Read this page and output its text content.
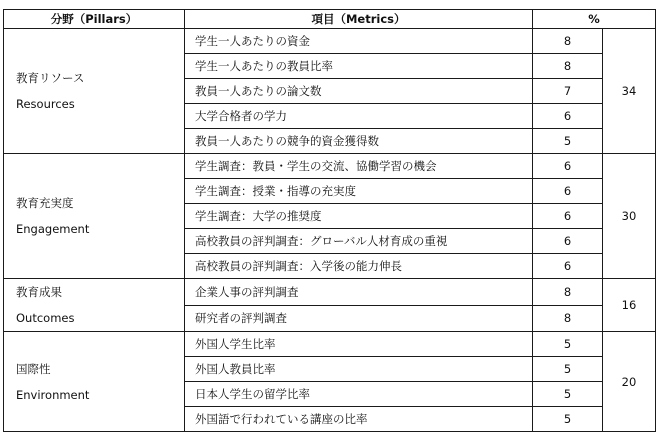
分野（Pillars）	項目（Metrics）	%	

教育リソース
Resources	学生一人あたりの資金	8	34
	学生一人あたりの教員比率	8	
	教員一人あたりの論文数	7	
	大学合格者の学力	6	
	教員一人あたりの競争的資金獲得数	5	

教育充実度
Engagement	学生調査：教員・学生の交流、協働学習の機会	6	30
	学生調査：授業・指導の充実度	6	
	学生調査：大学の推奨度	6	
	高校教員の評判調査：グローバル人材育成の重視	6	
	高校教員の評判調査：入学後の能力伸長	6	

教育成果
Outcomes	企業人事の評判調査	8	16
	研究者の評判調査	8	

国際性
Environment	外国人学生比率	5	20
	外国人教員比率	5	
	日本人学生の留学比率	5	
	外国語で行われている講座の比率	5	
